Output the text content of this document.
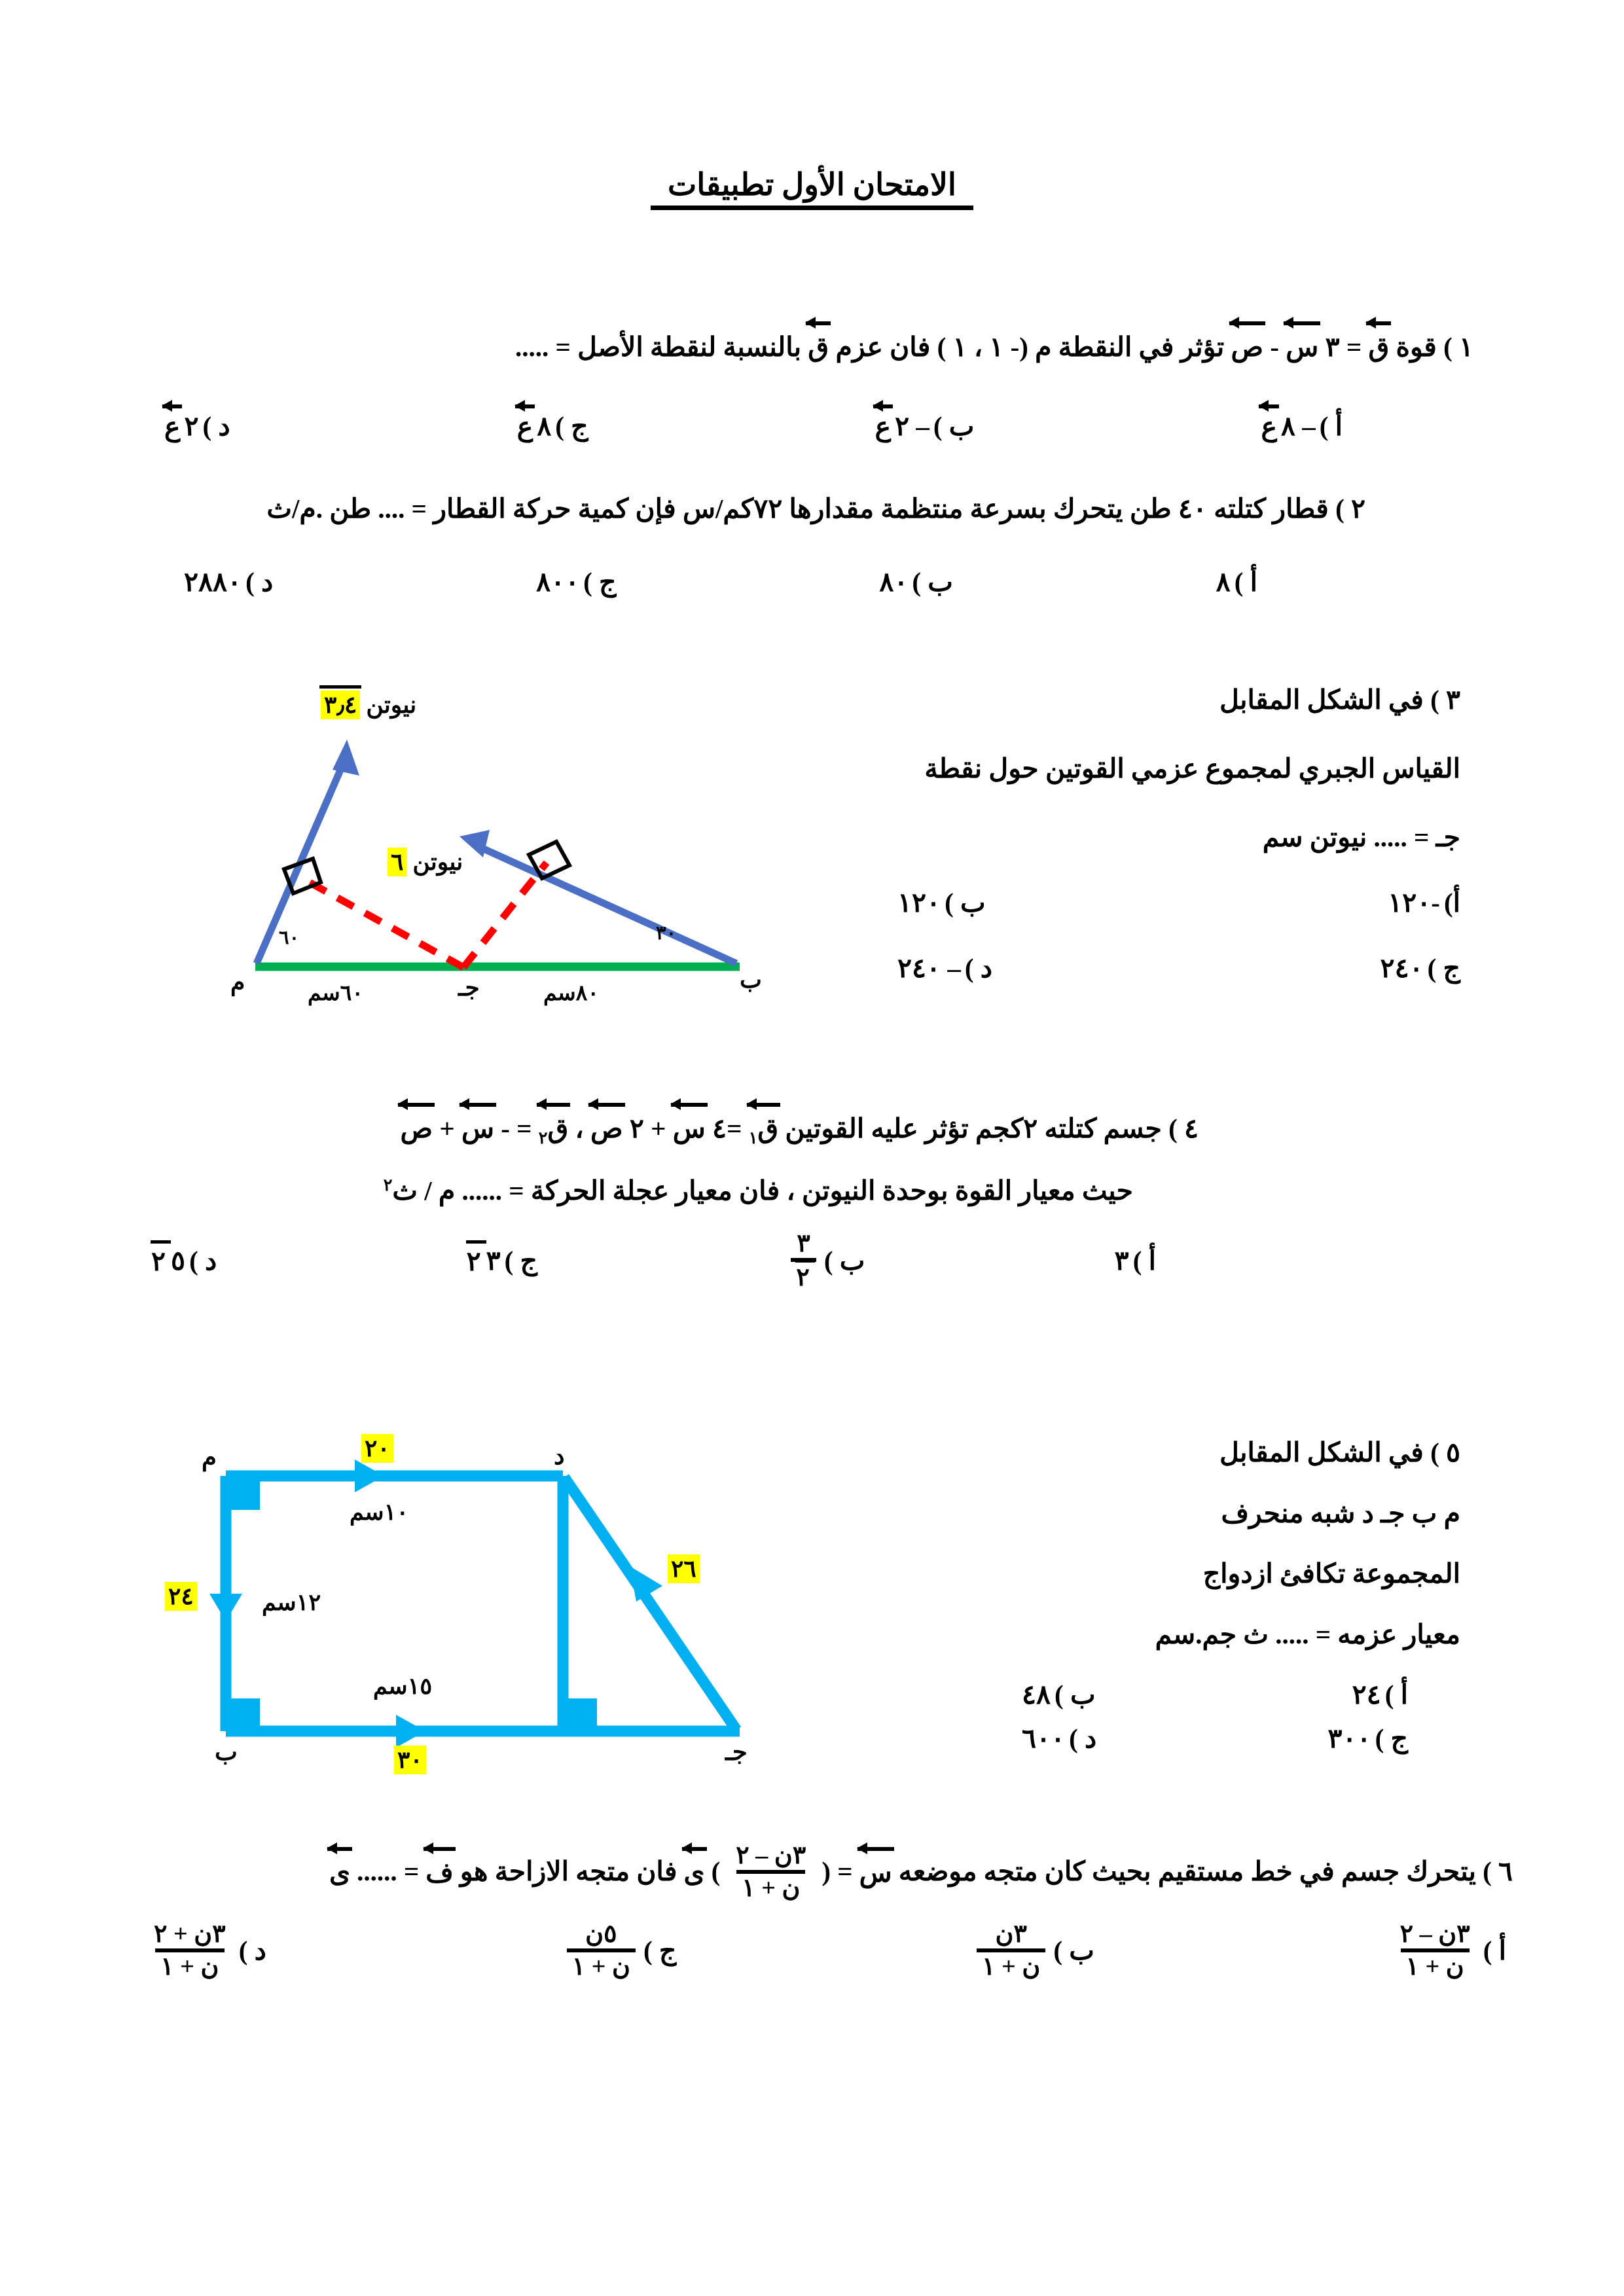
الامتحان الأول تطبيقات
١ ) قوة ق = ٣ س - ص تؤثر في النقطة م (- ١ ، ١ ) فان عزم ق بالنسبة لنقطة الأصل = .....
أ )
– ٨
ع
ب )
– ٢
ع
ج )
٨
ع
د )
٢
ع
٢ ) قطار كتلته ٤٠ طن يتحرك بسرعة منتظمة مقدارها ٧٢كم/س فإن كمية حركة القطار = .... طن .م/ث
أ )
٨
ب )
٨٠
ج )
٨٠٠
د )
٢٨٨٠
٣ ) في الشكل المقابل
القياس الجبري لمجموع عزمي القوتين حول نقطة
جـ = ..... نيوتن سم
أ)
-١٢٠
ب )
١٢٠
ج )
٢٤٠
د )
– ٢٤٠
نيوتن ٣٫٤
نيوتن ٦
٦٠	٣٠
م	جـ	ب
٦٠سم	٨٠سم
٤ ) جسم كتلته ٢كجم تؤثر عليه القوتين ق$_١$ =٤ س + ٢ ص ، ق$_٢$ = - س + ص
حيث معيار القوة بوحدة النيوتن ، فان معيار عجلة الحركة = ...... م / ث$^٢$
أ )
٣
ب )
$\frac{٣}{٢}$
ج )
٣
٢
د )
٥
٢
٥ ) في الشكل المقابل
م ب جـ د شبه منحرف
المجموعة تكافئ ازدواج
معيار عزمه = ..... ث جم.سم
أ )
٢٤
ب )
٤٨
ج )
٣٠٠
د )
٦٠٠
٢٠
٢٤
٢٦
٣٠
م	د
ب	جـ
١٠سم
١٢سم
١٥سم
٦ )
يتحرك جسم في خط مستقيم بحيث كان متجه موضعه
س
= (
$\frac{\text{٣ن – ٢}}{\text{ن + ١}}$
)
ى
فان متجه الازاحة هو
ف
= ......
ى
أ )
$\frac{\text{٣ن – ٢}}{\text{ن + ١}}$
ب )
$\frac{\text{٣ن}}{\text{ن + ١}}$
ج )
$\frac{\text{٥ن}}{\text{ن + ١}}$
د )
$\frac{\text{٣ن + ٢}}{\text{ن + ١}}$
